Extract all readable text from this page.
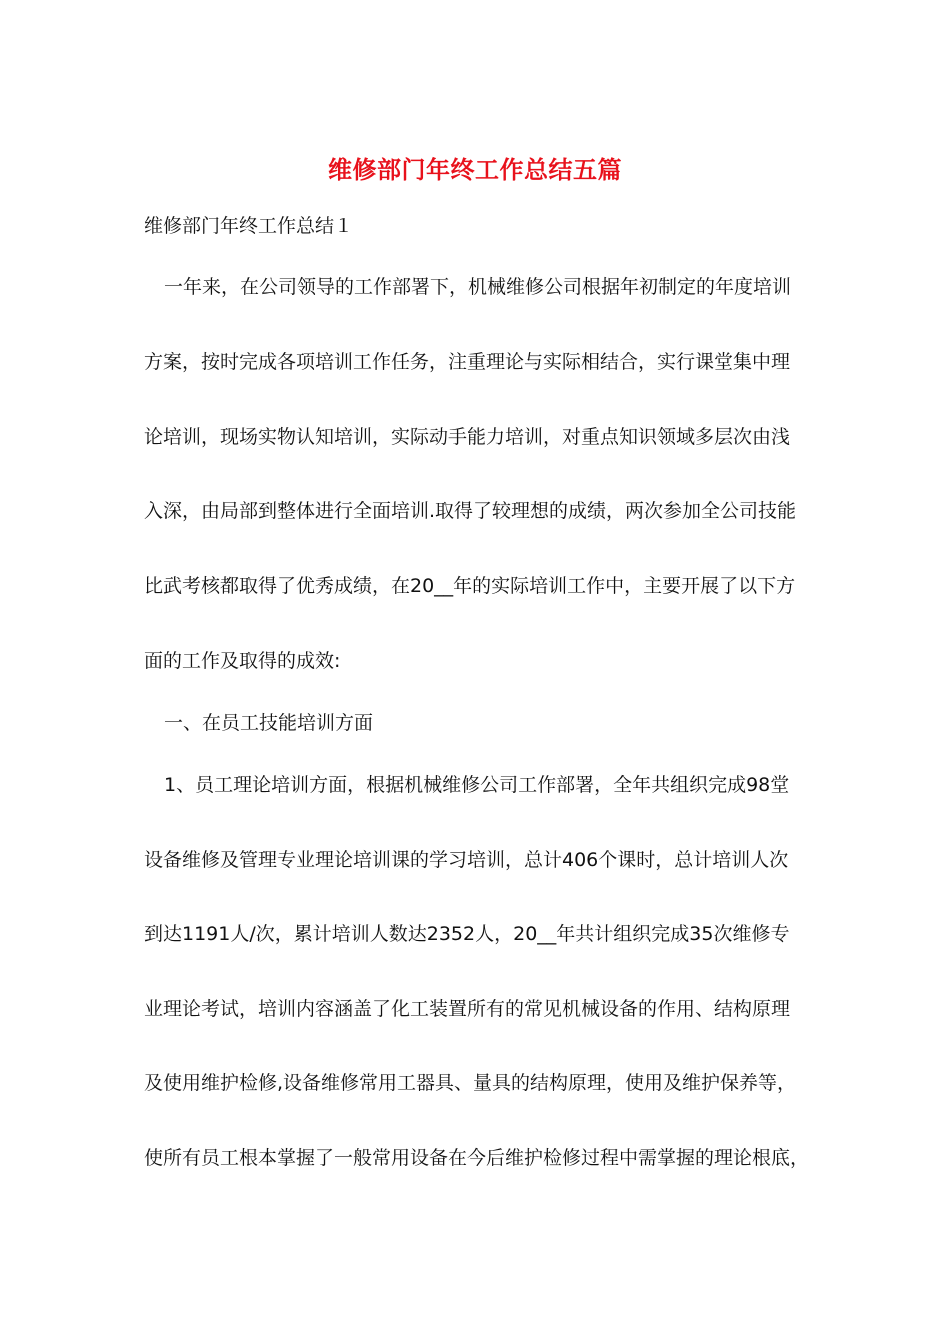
维修部门年终工作总结五篇
维修部门年终工作总结１
一年来，在公司领导的工作部署下，机械维修公司根据年初制定的年度培训
方案，按时完成各项培训工作任务，注重理论与实际相结合，实行课堂集中理
论培训，现场实物认知培训，实际动手能力培训，对重点知识领域多层次由浅
入深，由局部到整体进行全面培训.取得了较理想的成绩，两次参加全公司技能
比武考核都取得了优秀成绩，在20__年的实际培训工作中，主要开展了以下方
面的工作及取得的成效:
一、在员工技能培训方面
1、员工理论培训方面，根据机械维修公司工作部署，全年共组织完成98堂
设备维修及管理专业理论培训课的学习培训，总计406个课时，总计培训人次
到达1191人/次，累计培训人数达2352人，20__年共计组织完成35次维修专
业理论考试，培训内容涵盖了化工装置所有的常见机械设备的作用、结构原理
及使用维护检修,设备维修常用工器具、量具的结构原理，使用及维护保养等，
使所有员工根本掌握了一般常用设备在今后维护检修过程中需掌握的理论根底，
